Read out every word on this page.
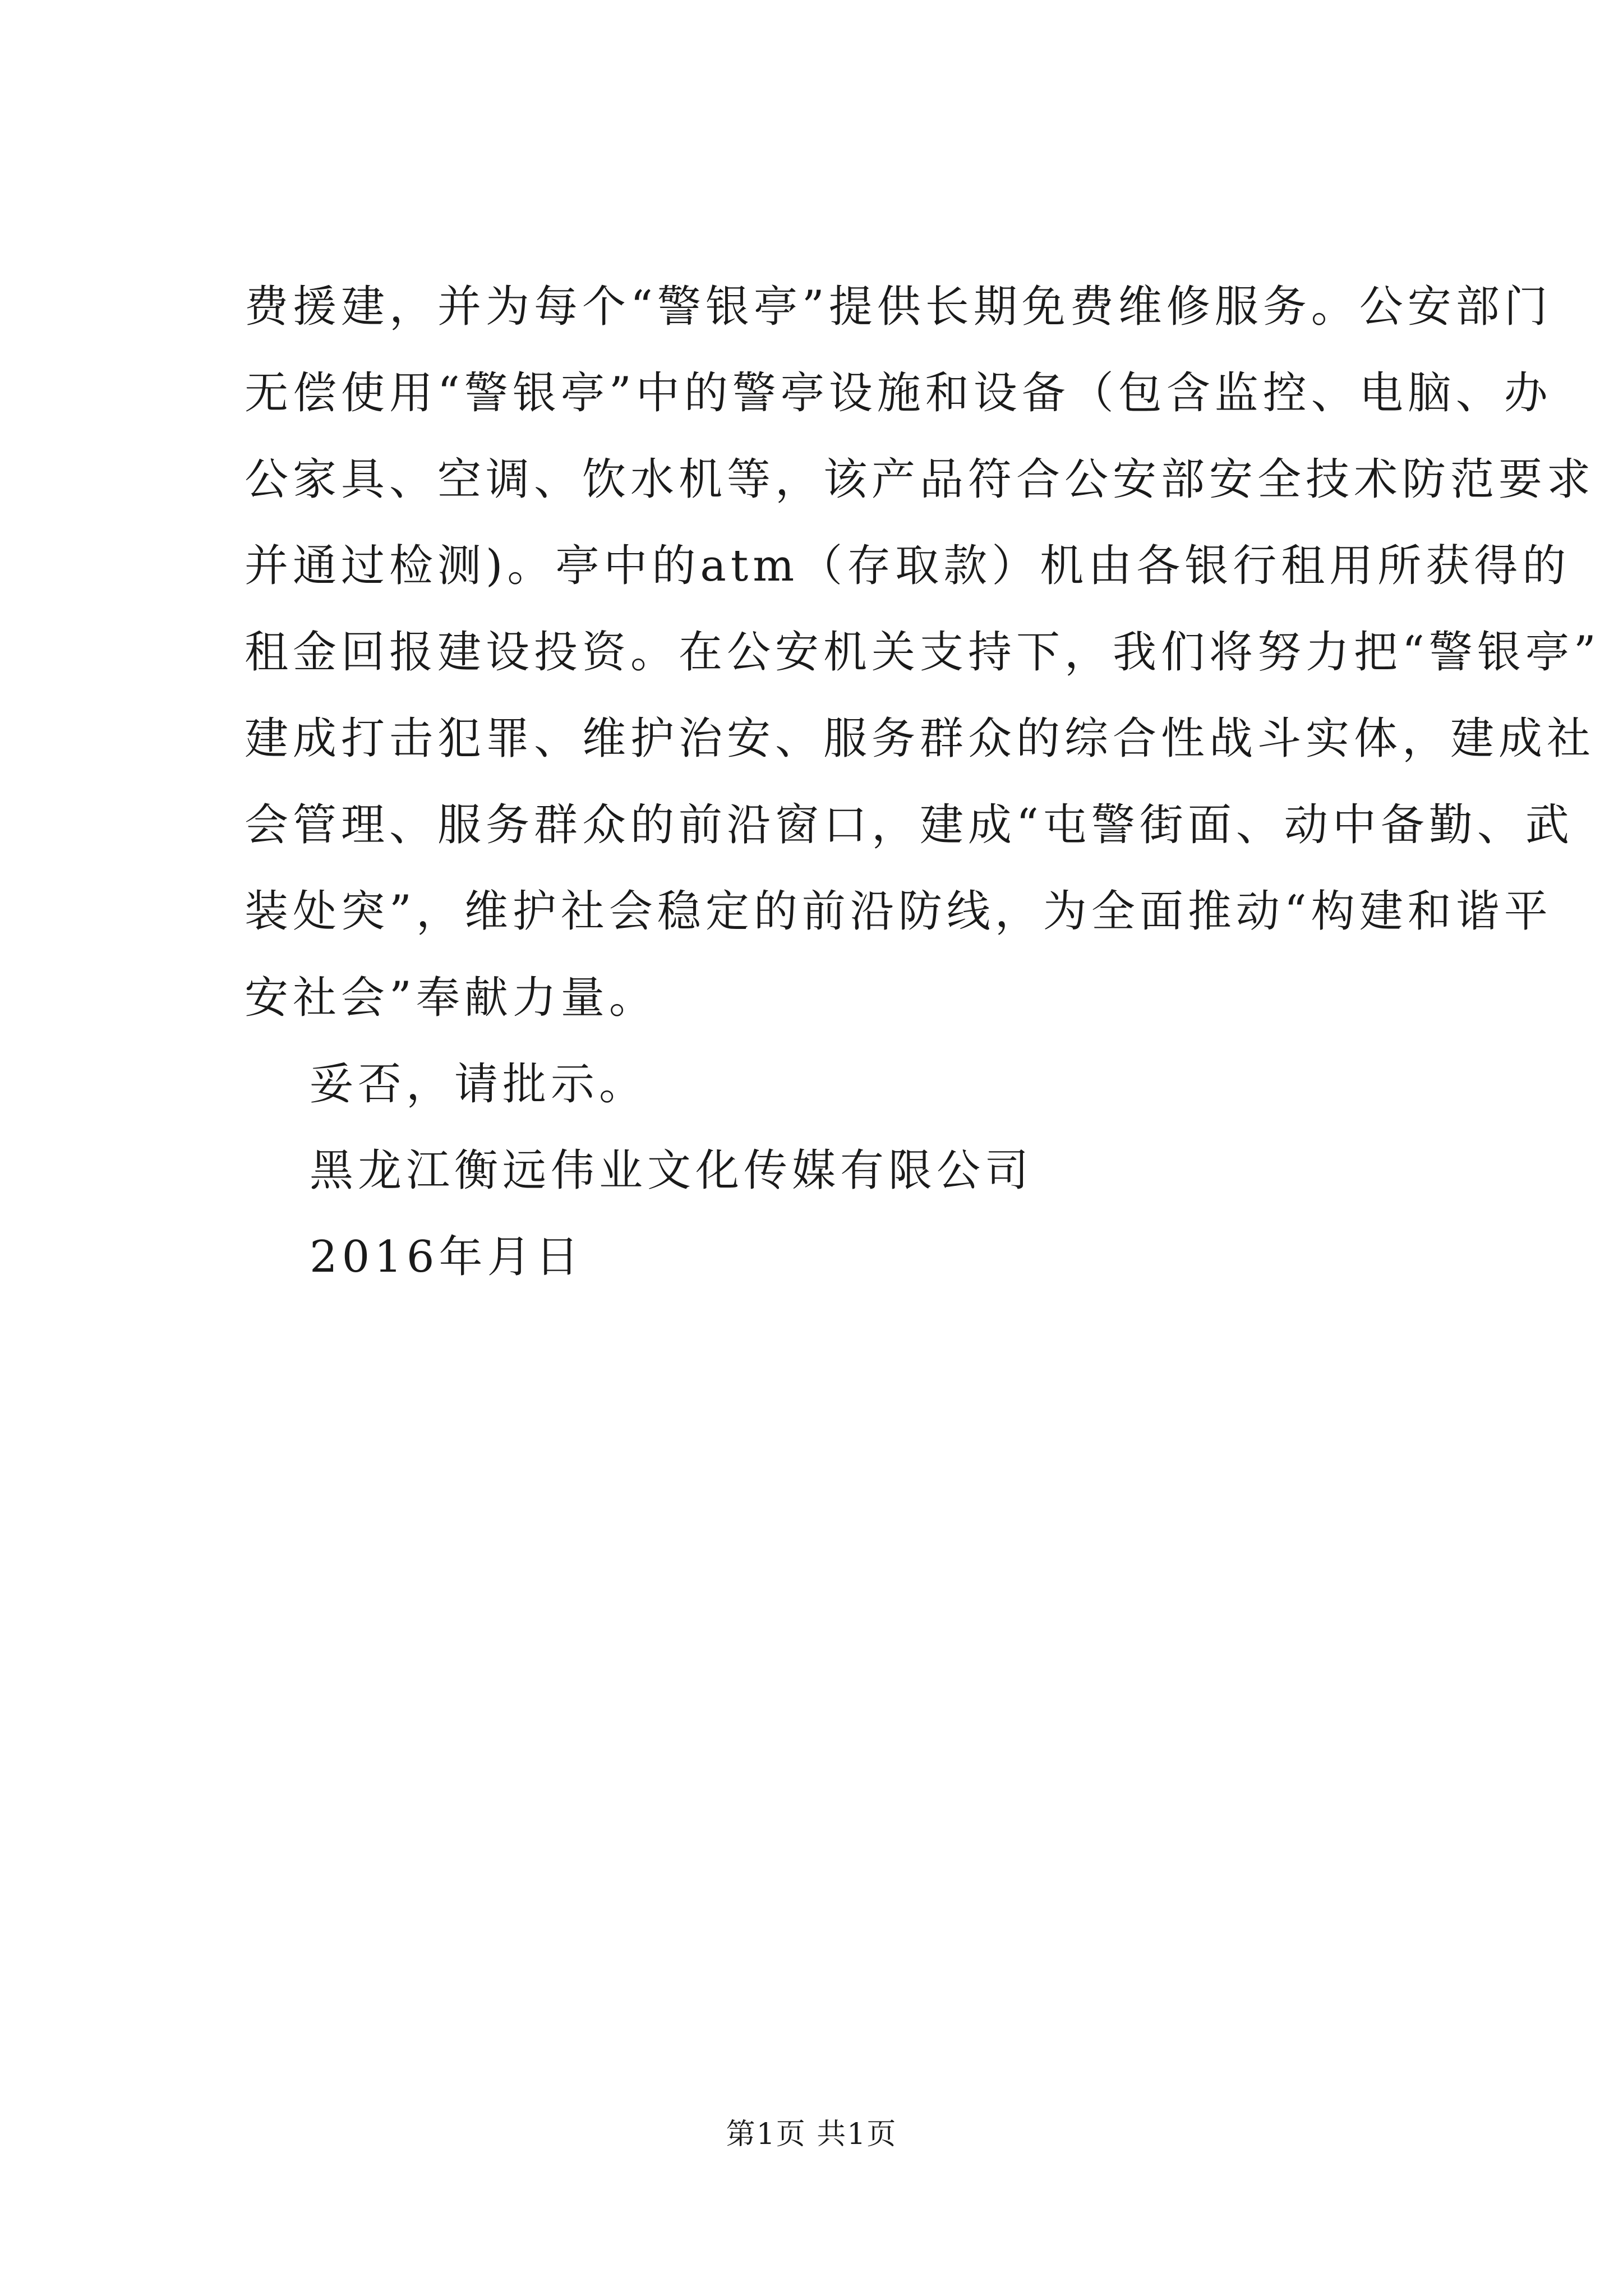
费援建，并为每个“警银亭”提供长期免费维修服务。公安部门
无偿使用“警银亭”中的警亭设施和设备（包含监控、电脑、办
公家具、空调、饮水机等，该产品符合公安部安全技术防范要求
并通过检测)。亭中的atm（存取款）机由各银行租用所获得的
租金回报建设投资。在公安机关支持下，我们将努力把“警银亭”
建成打击犯罪、维护治安、服务群众的综合性战斗实体，建成社
会管理、服务群众的前沿窗口，建成“屯警街面、动中备勤、武
装处突”，维护社会稳定的前沿防线，为全面推动“构建和谐平
安社会”奉献力量。
妥否，请批示。
黑龙江衡远伟业文化传媒有限公司
2016年月日
第1页 共1页
